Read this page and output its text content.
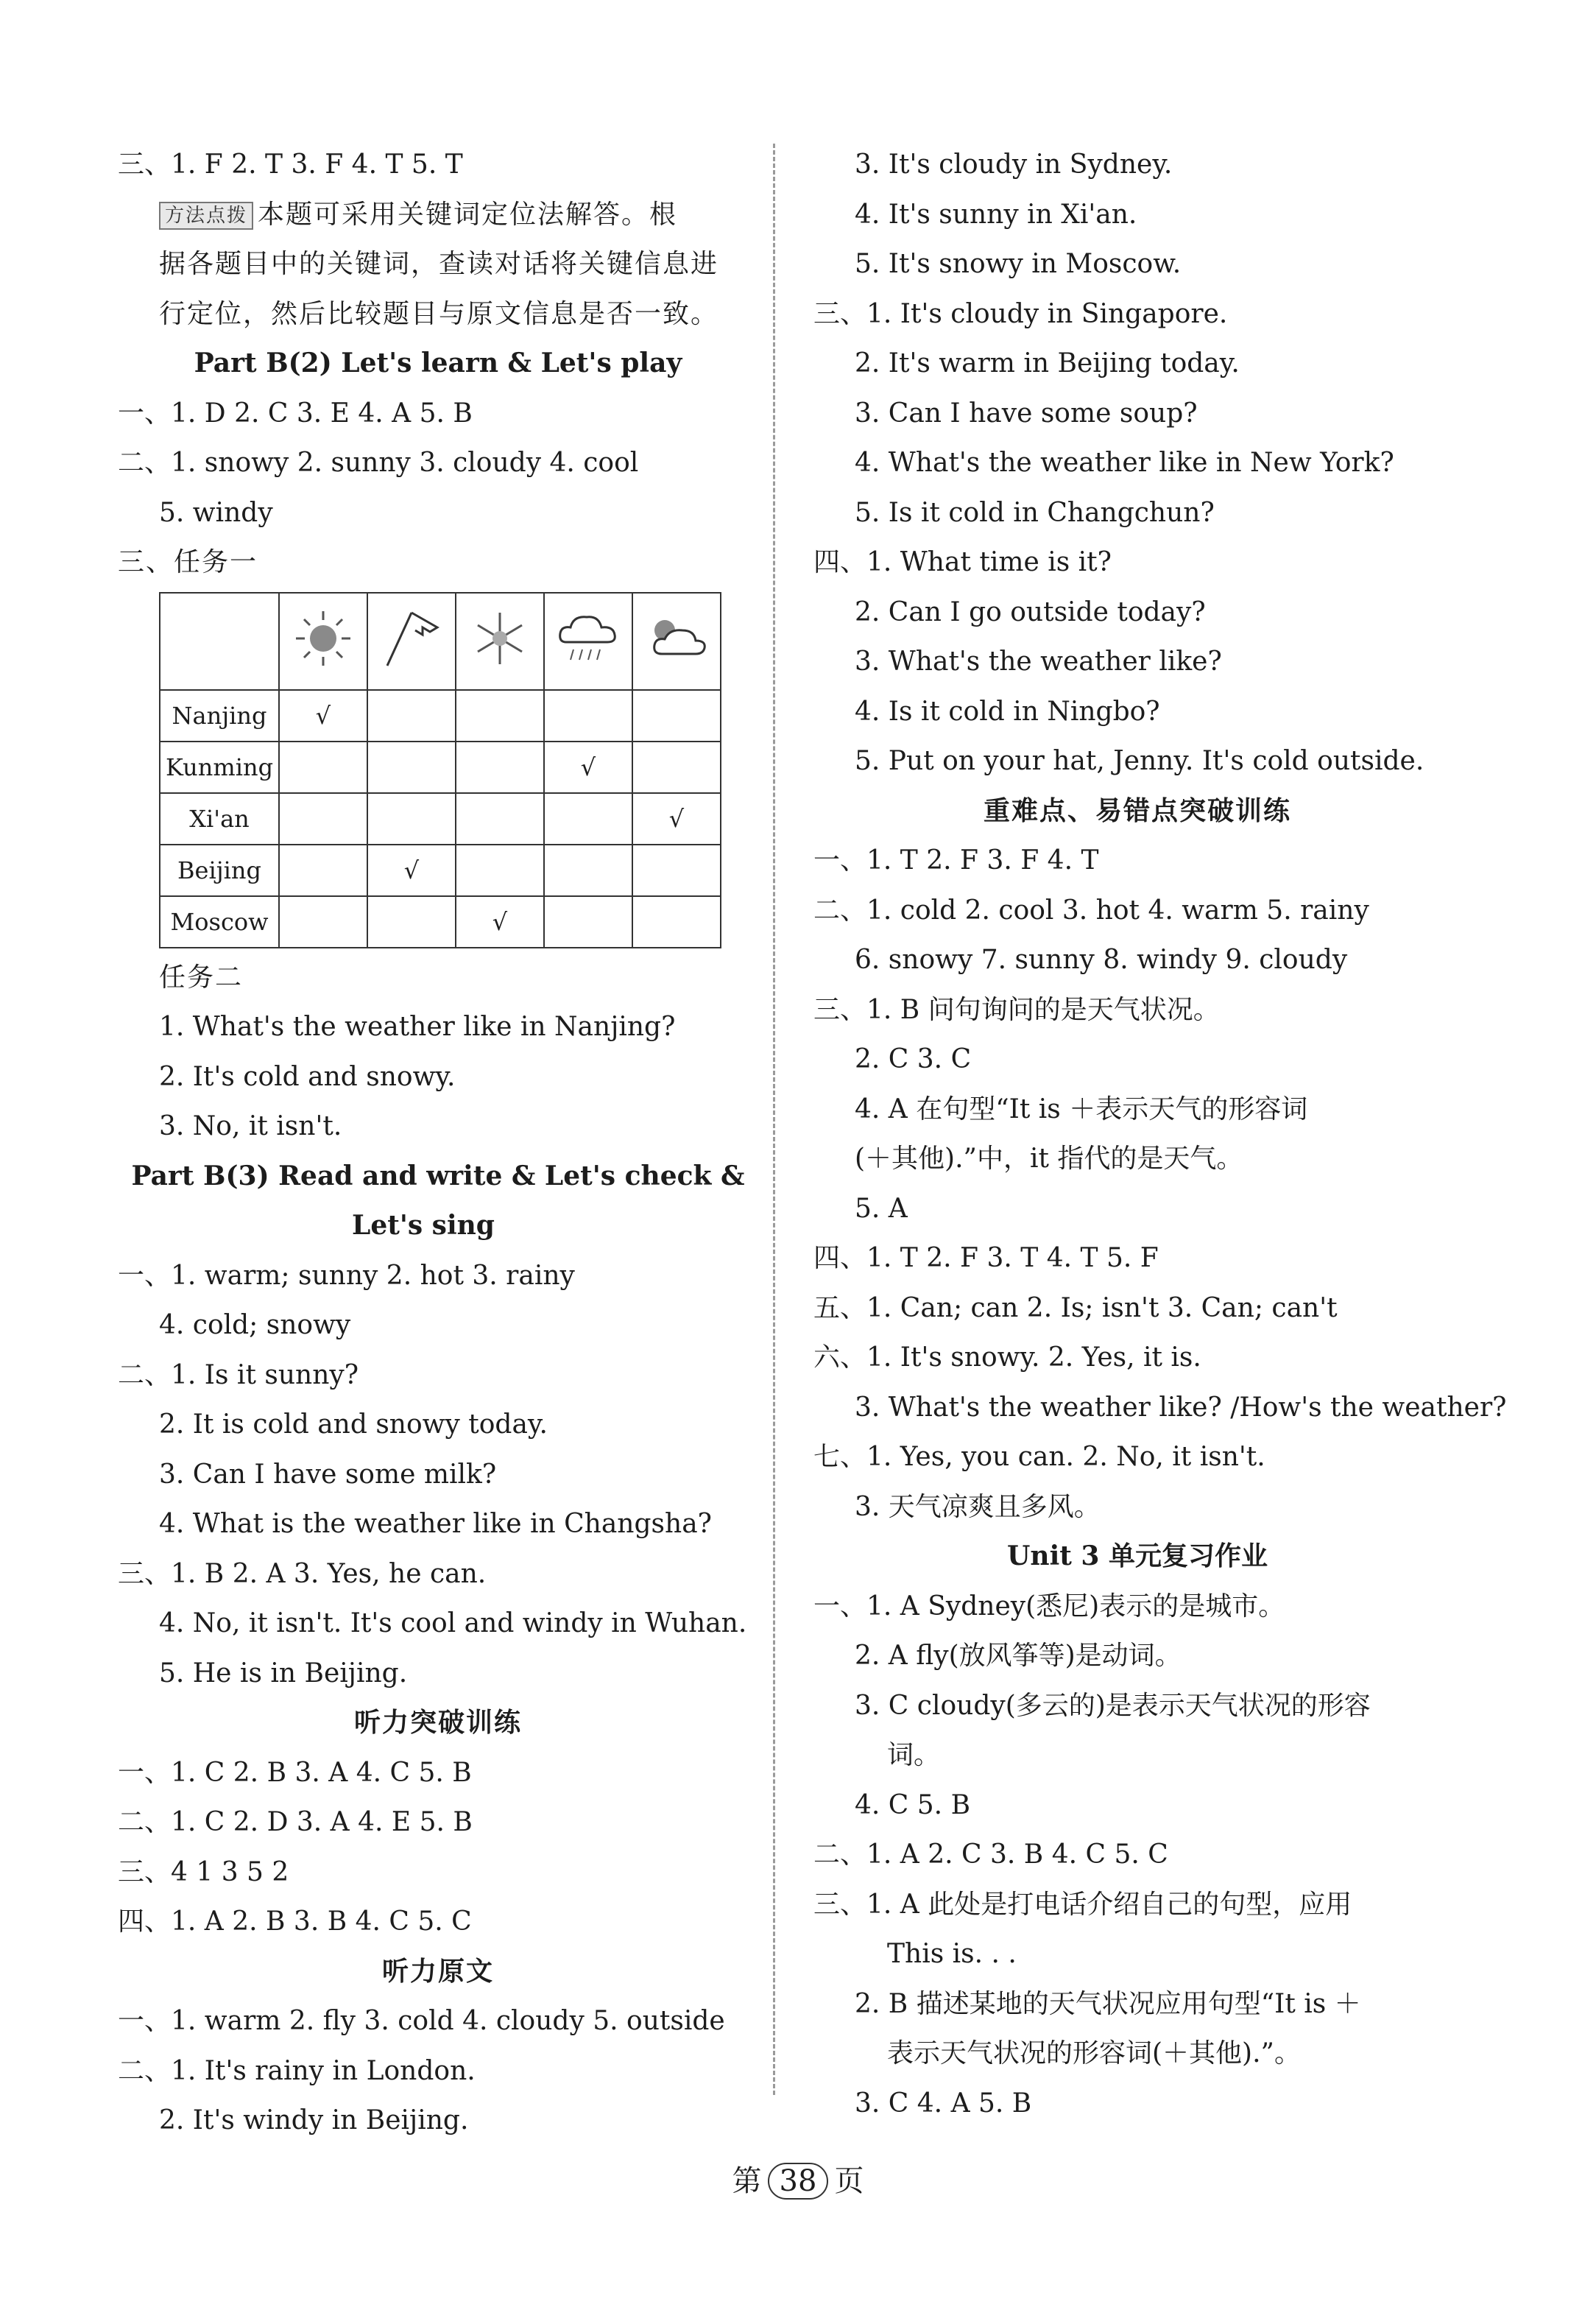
三、1. F 2. T 3. F 4. T 5. T
方法点拨 本题可采用关键词定位法解答。根
据各题目中的关键词，查读对话将关键信息进
行定位，然后比较题目与原文信息是否一致。
Part B(2) Let's learn & Let's play
一、1. D 2. C 3. E 4. A 5. B
二、1. snowy 2. sunny 3. cloudy 4. cool
5. windy
三、任务一

Nanjing	√				
Kunming				√	
Xi'an					√
Beijing		√			
Moscow			√		
任务二
1. What's the weather like in Nanjing?
2. It's cold and snowy.
3. No, it isn't.
Part B(3) Read and write & Let's check &
Let's sing
一、1. warm; sunny 2. hot 3. rainy
4. cold; snowy
二、1. Is it sunny?
2. It is cold and snowy today.
3. Can I have some milk?
4. What is the weather like in Changsha?
三、1. B 2. A 3. Yes, he can.
4. No, it isn't. It's cool and windy in Wuhan.
5. He is in Beijing.
听力突破训练
一、1. C 2. B 3. A 4. C 5. B
二、1. C 2. D 3. A 4. E 5. B
三、4 1 3 5 2
四、1. A 2. B 3. B 4. C 5. C
听力原文
一、1. warm 2. fly 3. cold 4. cloudy 5. outside
二、1. It's rainy in London.
2. It's windy in Beijing.
3. It's cloudy in Sydney.
4. It's sunny in Xi'an.
5. It's snowy in Moscow.
三、1. It's cloudy in Singapore.
2. It's warm in Beijing today.
3. Can I have some soup?
4. What's the weather like in New York?
5. Is it cold in Changchun?
四、1. What time is it?
2. Can I go outside today?
3. What's the weather like?
4. Is it cold in Ningbo?
5. Put on your hat, Jenny. It's cold outside.
重难点、易错点突破训练
一、1. T 2. F 3. F 4. T
二、1. cold 2. cool 3. hot 4. warm 5. rainy
6. snowy 7. sunny 8. windy 9. cloudy
三、1. B 问句询问的是天气状况。
2. C 3. C
4. A 在句型“It is ＋表示天气的形容词
(＋其他).”中，it 指代的是天气。
5. A
四、1. T 2. F 3. T 4. T 5. F
五、1. Can; can 2. Is; isn't 3. Can; can't
六、1. It's snowy. 2. Yes, it is.
3. What's the weather like? /How's the weather?
七、1. Yes, you can. 2. No, it isn't.
3. 天气凉爽且多风。
Unit 3 单元复习作业
一、1. A Sydney(悉尼)表示的是城市。
2. A fly(放风筝等)是动词。
3. C cloudy(多云的)是表示天气状况的形容
词。
4. C 5. B
二、1. A 2. C 3. B 4. C 5. C
三、1. A 此处是打电话介绍自己的句型，应用
This is. . .
2. B 描述某地的天气状况应用句型“It is ＋
表示天气状况的形容词(＋其他).”。
3. C 4. A 5. B
第 38 页
